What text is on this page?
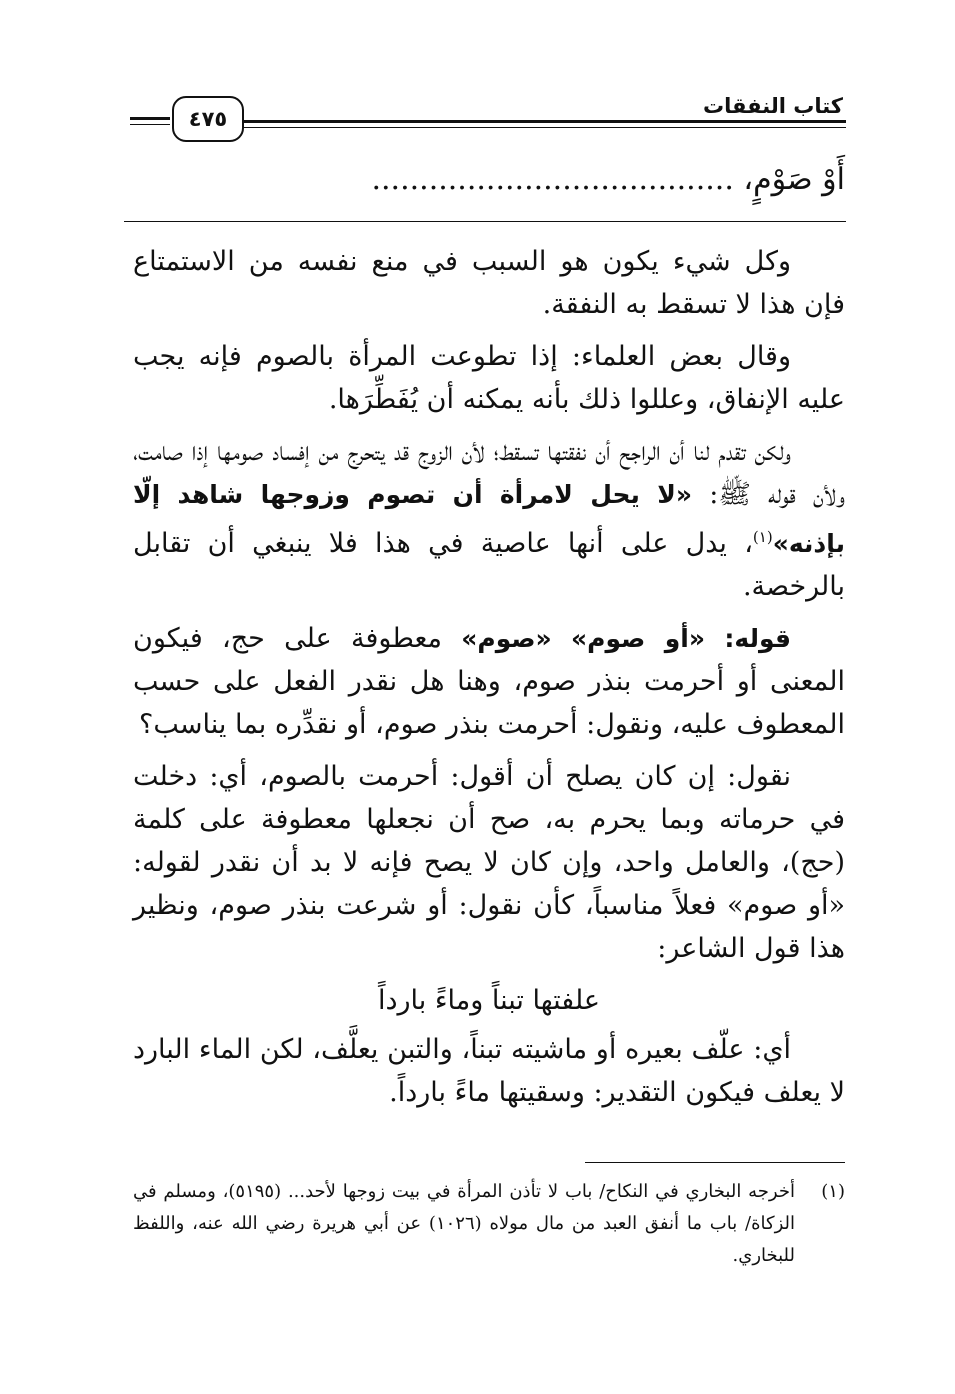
كتاب النفقات
٤٧٥
أَوْ صَوْمٍ، ......................................

وكل شيء يكون هو السبب في منع نفسه من الاستمتاع فإن هذا لا تسقط به النفقة.

وقال بعض العلماء: إذا تطوعت المرأة بالصوم فإنه يجب عليه الإنفاق، وعللوا ذلك بأنه يمكنه أن يُفَطِّرَها.

ولكن تقدم لنا أن الراجح أن نفقتها تسقط؛ لأن الزوج قد يتحرج من إفساد صومها إذا صامت، ولأن قوله ﷺ: «لا يحل لامرأة أن تصوم وزوجها شاهد إلّا بإذنه»$^{(١)}$، يدل على أنها عاصية في هذا فلا ينبغي أن تقابل بالرخصة.

قوله: «أو صوم» «صوم» معطوفة على حج، فيكون المعنى أو أحرمت بنذر صوم، وهنا هل نقدر الفعل على حسب المعطوف عليه، ونقول: أحرمت بنذر صوم، أو نقدِّره بما يناسب؟

نقول: إن كان يصلح أن أقول: أحرمت بالصوم، أي: دخلت في حرماته وبما يحرم به، صح أن نجعلها معطوفة على كلمة (حج)، والعامل واحد، وإن كان لا يصح فإنه لا بد أن نقدر لقوله: «أو صوم» فعلاً مناسباً، كأن نقول: أو شرعت بنذر صوم، ونظير هذا قول الشاعر:

علفتها تبناً وماءً بارداً

أي: علّف بعيره أو ماشيته تبناً، والتبن يعلَّف، لكن الماء البارد لا يعلف فيكون التقدير: وسقيتها ماءً بارداً.

(١)
أخرجه البخاري في النكاح/ باب لا تأذن المرأة في بيت زوجها لأحد... (٥١٩٥)، ومسلم في الزكاة/ باب ما أنفق العبد من مال مولاه (١٠٢٦) عن أبي هريرة رضي الله عنه، واللفظ للبخاري.
